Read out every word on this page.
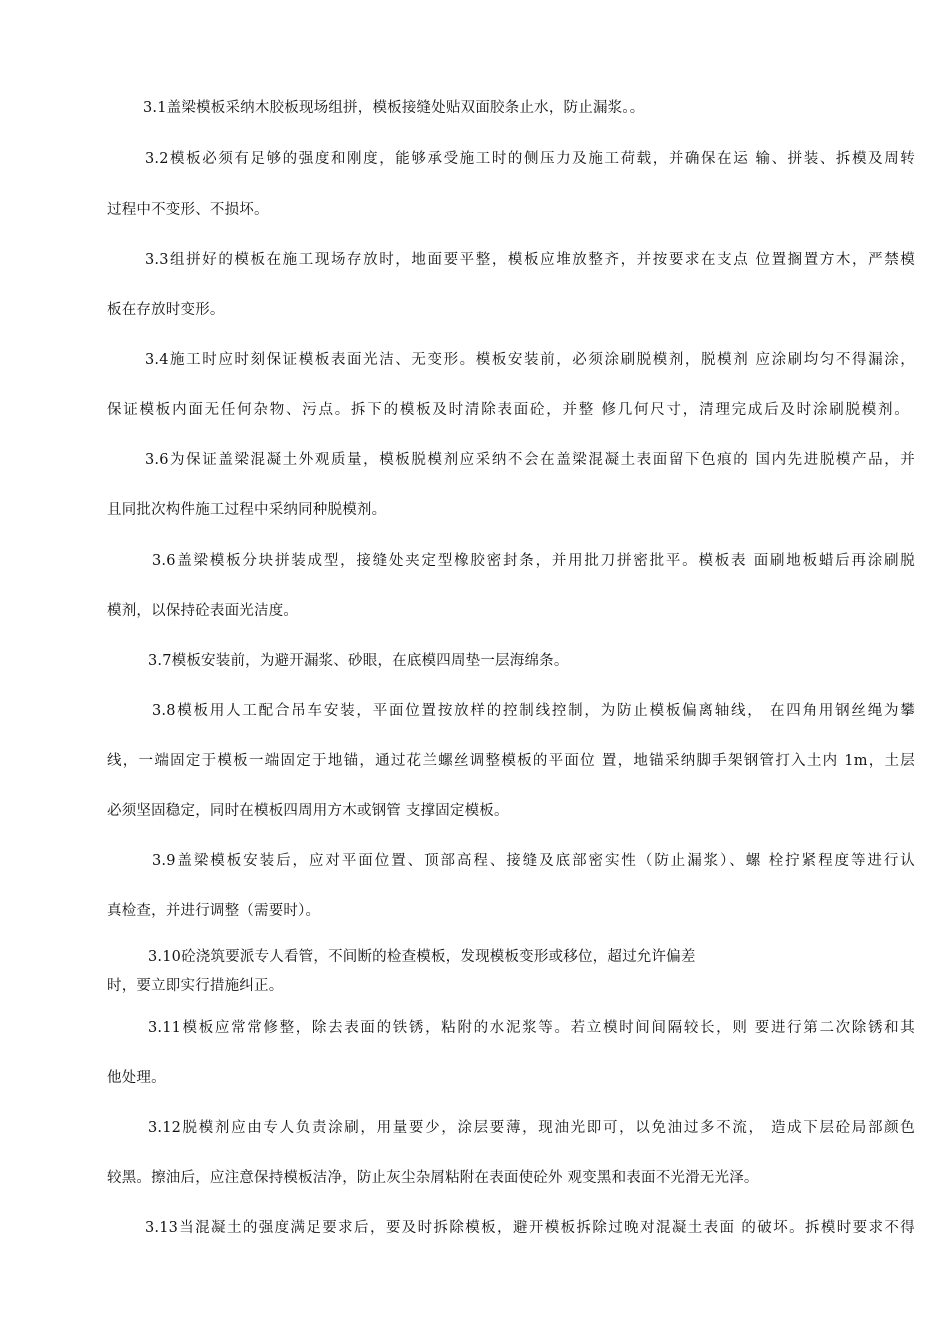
3.1盖梁模板采纳木胶板现场组拼，模板接缝处贴双面胶条止水，防止漏浆。。
3.2模板必须有足够的强度和刚度，能够承受施工时的侧压力及施工荷载，并确保在运 输、拼装、拆模及周转
过程中不变形、不损坏。
3.3组拼好的模板在施工现场存放时，地面要平整，模板应堆放整齐，并按要求在支点 位置搁置方木，严禁模
板在存放时变形。
3.4施工时应时刻保证模板表面光洁、无变形。模板安装前，必须涂刷脱模剂，脱模剂 应涂刷均匀不得漏涂，
保证模板内面无任何杂物、污点。拆下的模板及时清除表面砼，并整 修几何尺寸，清理完成后及时涂刷脱模剂。
3.6为保证盖梁混凝土外观质量，模板脱模剂应采纳不会在盖梁混凝土表面留下色痕的 国内先进脱模产品，并
且同批次构件施工过程中采纳同种脱模剂。
3.6盖梁模板分块拼装成型，接缝处夹定型橡胶密封条，并用批刀拼密批平。模板表 面刷地板蜡后再涂刷脱
模剂，以保持砼表面光洁度。
3.7模板安装前，为避开漏浆、砂眼，在底模四周垫一层海绵条。
3.8模板用人工配合吊车安装，平面位置按放样的控制线控制，为防止模板偏离轴线， 在四角用钢丝绳为攀
线，一端固定于模板一端固定于地锚，通过花兰螺丝调整模板的平面位 置，地锚采纳脚手架钢管打入土内 1m，土层
必须坚固稳定，同时在模板四周用方木或钢管 支撑固定模板。
3.9盖梁模板安装后，应对平面位置、顶部高程、接缝及底部密实性（防止漏浆）、螺 栓拧紧程度等进行认
真检查，并进行调整（需要时）。
3.10砼浇筑要派专人看管，不间断的检查模板，发现模板变形或移位，超过允许偏差
时，要立即实行措施纠正。
3.11模板应常常修整，除去表面的铁锈，粘附的水泥浆等。若立模时间间隔较长，则 要进行第二次除锈和其
他处理。
3.12脱模剂应由专人负责涂刷，用量要少，涂层要薄，现油光即可，以免油过多不流， 造成下层砼局部颜色
较黑。擦油后，应注意保持模板洁净，防止灰尘杂屑粘附在表面使砼外 观变黑和表面不光滑无光泽。
3.13当混凝土的强度满足要求后，要及时拆除模板，避开模板拆除过晚对混凝土表面 的破坏。拆模时要求不得
